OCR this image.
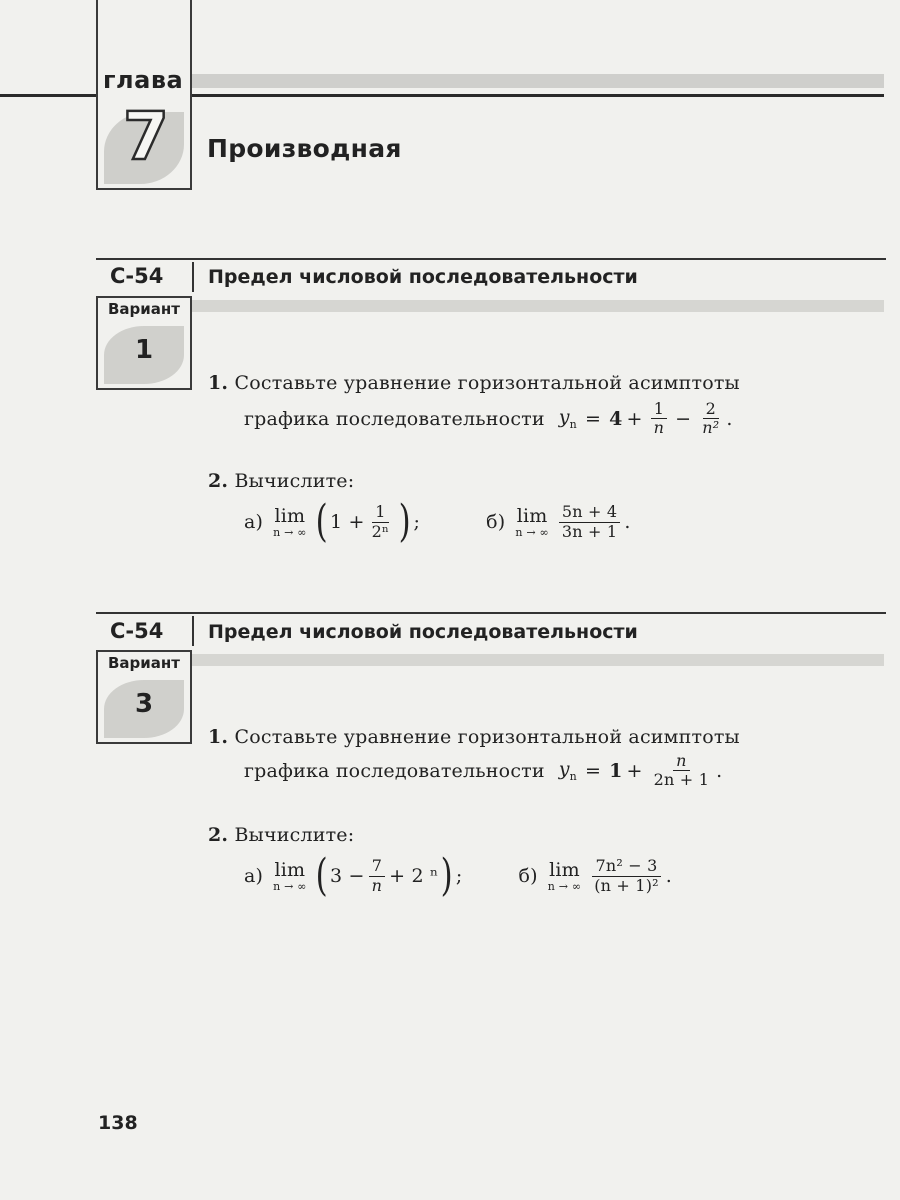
глава
7 Производная
С-54 Предел числовой последовательности
Вариант
1
1. Составьте уравнение горизонтальной асимптоты
графика последовательности $y_n = 4 + \frac{1}{n} - \frac{2}{\text{n²}}$ .
2. Вычислите:
а) lim
n → ∞ ( $1 + \frac{1}{\text{2ⁿ}}$ ) ;	б) lim
n → ∞ $\frac{5n + 4}{3n + 1}$ .
С-54 Предел числовой последовательности
Вариант
3
1. Составьте уравнение горизонтальной асимптоты
графика последовательности $y_n = 1 + \frac{n}{2n + 1}$ .
2. Вычислите:
а) lim
n → ∞ ( $3 - \frac{7}{n} + 2$ ⁿ ) ;	б) lim
n → ∞ $\frac{\text{7n² − 3}}{\text{(n + 1)²}}$ .
138
